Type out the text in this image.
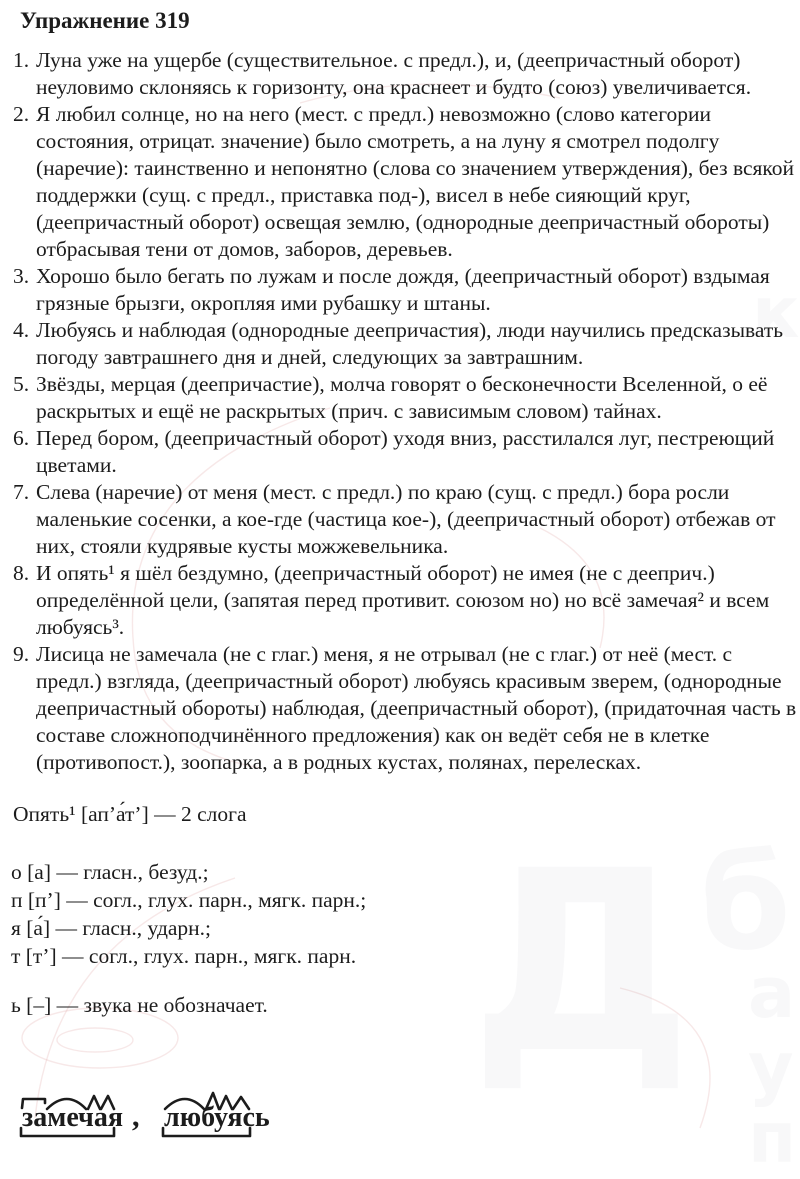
Д б
к
а
у
п
Упражнение 319
1. Луна уже на ущербе (существительное. с предл.), и, (деепричастный оборот) неуловимо склоняясь к горизонту, она краснеет и будто (союз) увеличивается.
2. Я любил солнце, но на него (мест. с предл.) невозможно (слово категории состояния, отрицат. значение) было смотреть, а на луну я смотрел подолгу (наречие): таинственно и непонятно (слова со значением утверждения), без всякой поддержки (сущ. с предл., приставка под-), висел в небе сияющий круг, (деепричастный оборот) освещая землю, (однородные деепричастный обороты) отбрасывая тени от домов, заборов, деревьев.
3. Хорошо было бегать по лужам и после дождя, (деепричастный оборот) вздымая грязные брызги, окропляя ими рубашку и штаны.
4. Любуясь и наблюдая (однородные деепричастия), люди научились предсказывать погоду завтрашнего дня и дней, следующих за завтрашним.
5. Звёзды, мерцая (деепричастие), молча говорят о бесконечности Вселенной, о её раскрытых и ещё не раскрытых (прич. с зависимым словом) тайнах.
6. Перед бором, (деепричастный оборот) уходя вниз, расстилался луг, пестреющий цветами.
7. Слева (наречие) от меня (мест. с предл.) по краю (сущ. с предл.) бора росли маленькие сосенки, а кое-где (частица кое-), (деепричастный оборот) отбежав от них, стояли кудрявые кусты можжевельника.
8. И опять¹ я шёл бездумно, (деепричастный оборот) не имея (не с дееприч.) определённой цели, (запятая перед противит. союзом но) но всё замечая² и всем любуясь³.
9. Лисица не замечала (не с глаг.) меня, я не отрывал (не с глаг.) от неё (мест. с предл.) взгляда, (деепричастный оборот) любуясь красивым зверем, (однородные деепричастный обороты) наблюдая, (деепричастный оборот), (придаточная часть в составе сложноподчинённого предложения) как он ведёт себя не в клетке (противопост.), зоопарка, а в родных кустах, полянах, перелесках.

Опять¹ [ап’а́т’] — 2 слога

о [а] — гласн., безуд.;

п [п’] — согл., глух. парн., мягк. парн.;

я [а́] — гласн., ударн.;

т [т’] — согл., глух. парн., мягк. парн.

ь [–] — звука не обозначает.

замечая , любуясь
